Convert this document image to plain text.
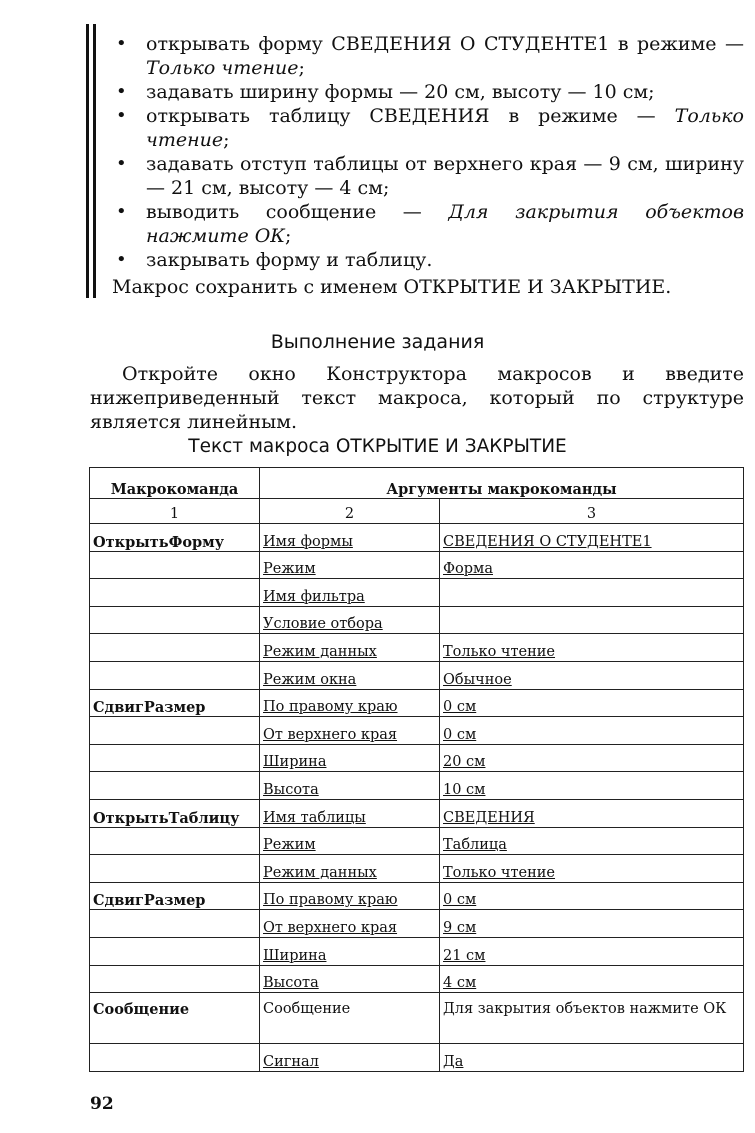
• открывать форму СВЕДЕНИЯ О СТУДЕНТЕ1 в режиме — Только чтение;
• задавать ширину формы — 20 см, высоту — 10 см;
• открывать таблицу СВЕДЕНИЯ в режиме — Только чтение;
• задавать отступ таблицы от верхнего края — 9 см, ширину — 21 см, высоту — 4 см;
• выводить сообщение — Для закрытия объектов нажмите ОК;
• закрывать форму и таблицу.
Макрос сохранить с именем ОТКРЫТИЕ И ЗАКРЫТИЕ.
Выполнение задания

Откройте окно Конструктора макросов и введите нижеприведенный текст макроса, который по структуре является линейным.

Текст макроса ОТКРЫТИЕ И ЗАКРЫТИЕ
Макрокоманда	Аргументы макрокоманды	
1	2	3
ОткрытьФорму	Имя формы	СВЕДЕНИЯ О СТУДЕНТЕ1
	Режим	Форма
	Имя фильтра	
	Условие отбора	
	Режим данных	Только чтение
	Режим окна	Обычное
СдвигРазмер	По правому краю	0 см
	От верхнего края	0 см
	Ширина	20 см
	Высота	10 см
ОткрытьТаблицу	Имя таблицы	СВЕДЕНИЯ
	Режим	Таблица
	Режим данных	Только чтение
СдвигРазмер	По правому краю	0 см
	От верхнего края	9 см
	Ширина	21 см
	Высота	4 см
Сообщение	Сообщение	Для закрытия объектов нажмите ОК
	Сигнал	Да
92
